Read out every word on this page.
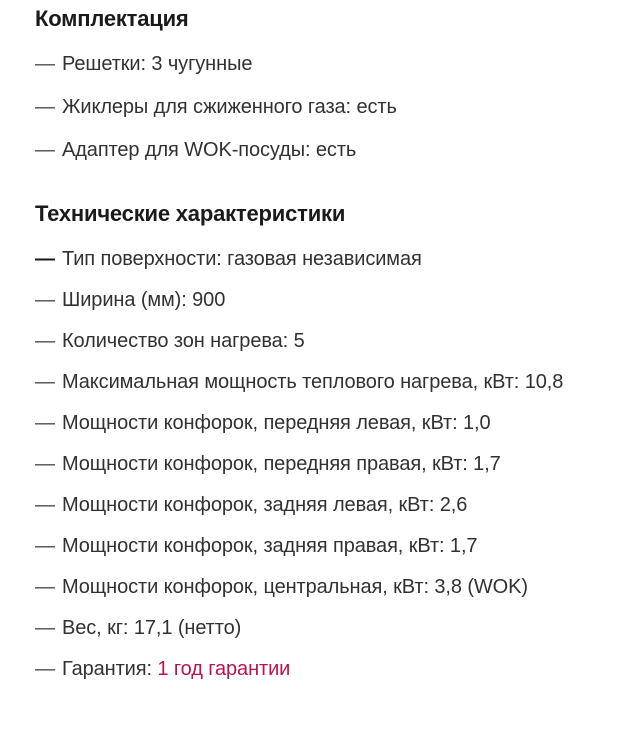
Комплектация
— Решетки: 3 чугунные
— Жиклеры для сжиженного газа: есть
— Адаптер для WOK-посуды: есть
Технические характеристики
— Тип поверхности: газовая независимая
— Ширина (мм): 900
— Количество зон нагрева: 5
— Максимальная мощность теплового нагрева, кВт: 10,8
— Мощности конфорок, передняя левая, кВт: 1,0
— Мощности конфорок, передняя правая, кВт: 1,7
— Мощности конфорок, задняя левая, кВт: 2,6
— Мощности конфорок, задняя правая, кВт: 1,7
— Мощности конфорок, центральная, кВт: 3,8 (WOK)
— Вес, кг: 17,1 (нетто)
— Гарантия: 1 год гарантии
